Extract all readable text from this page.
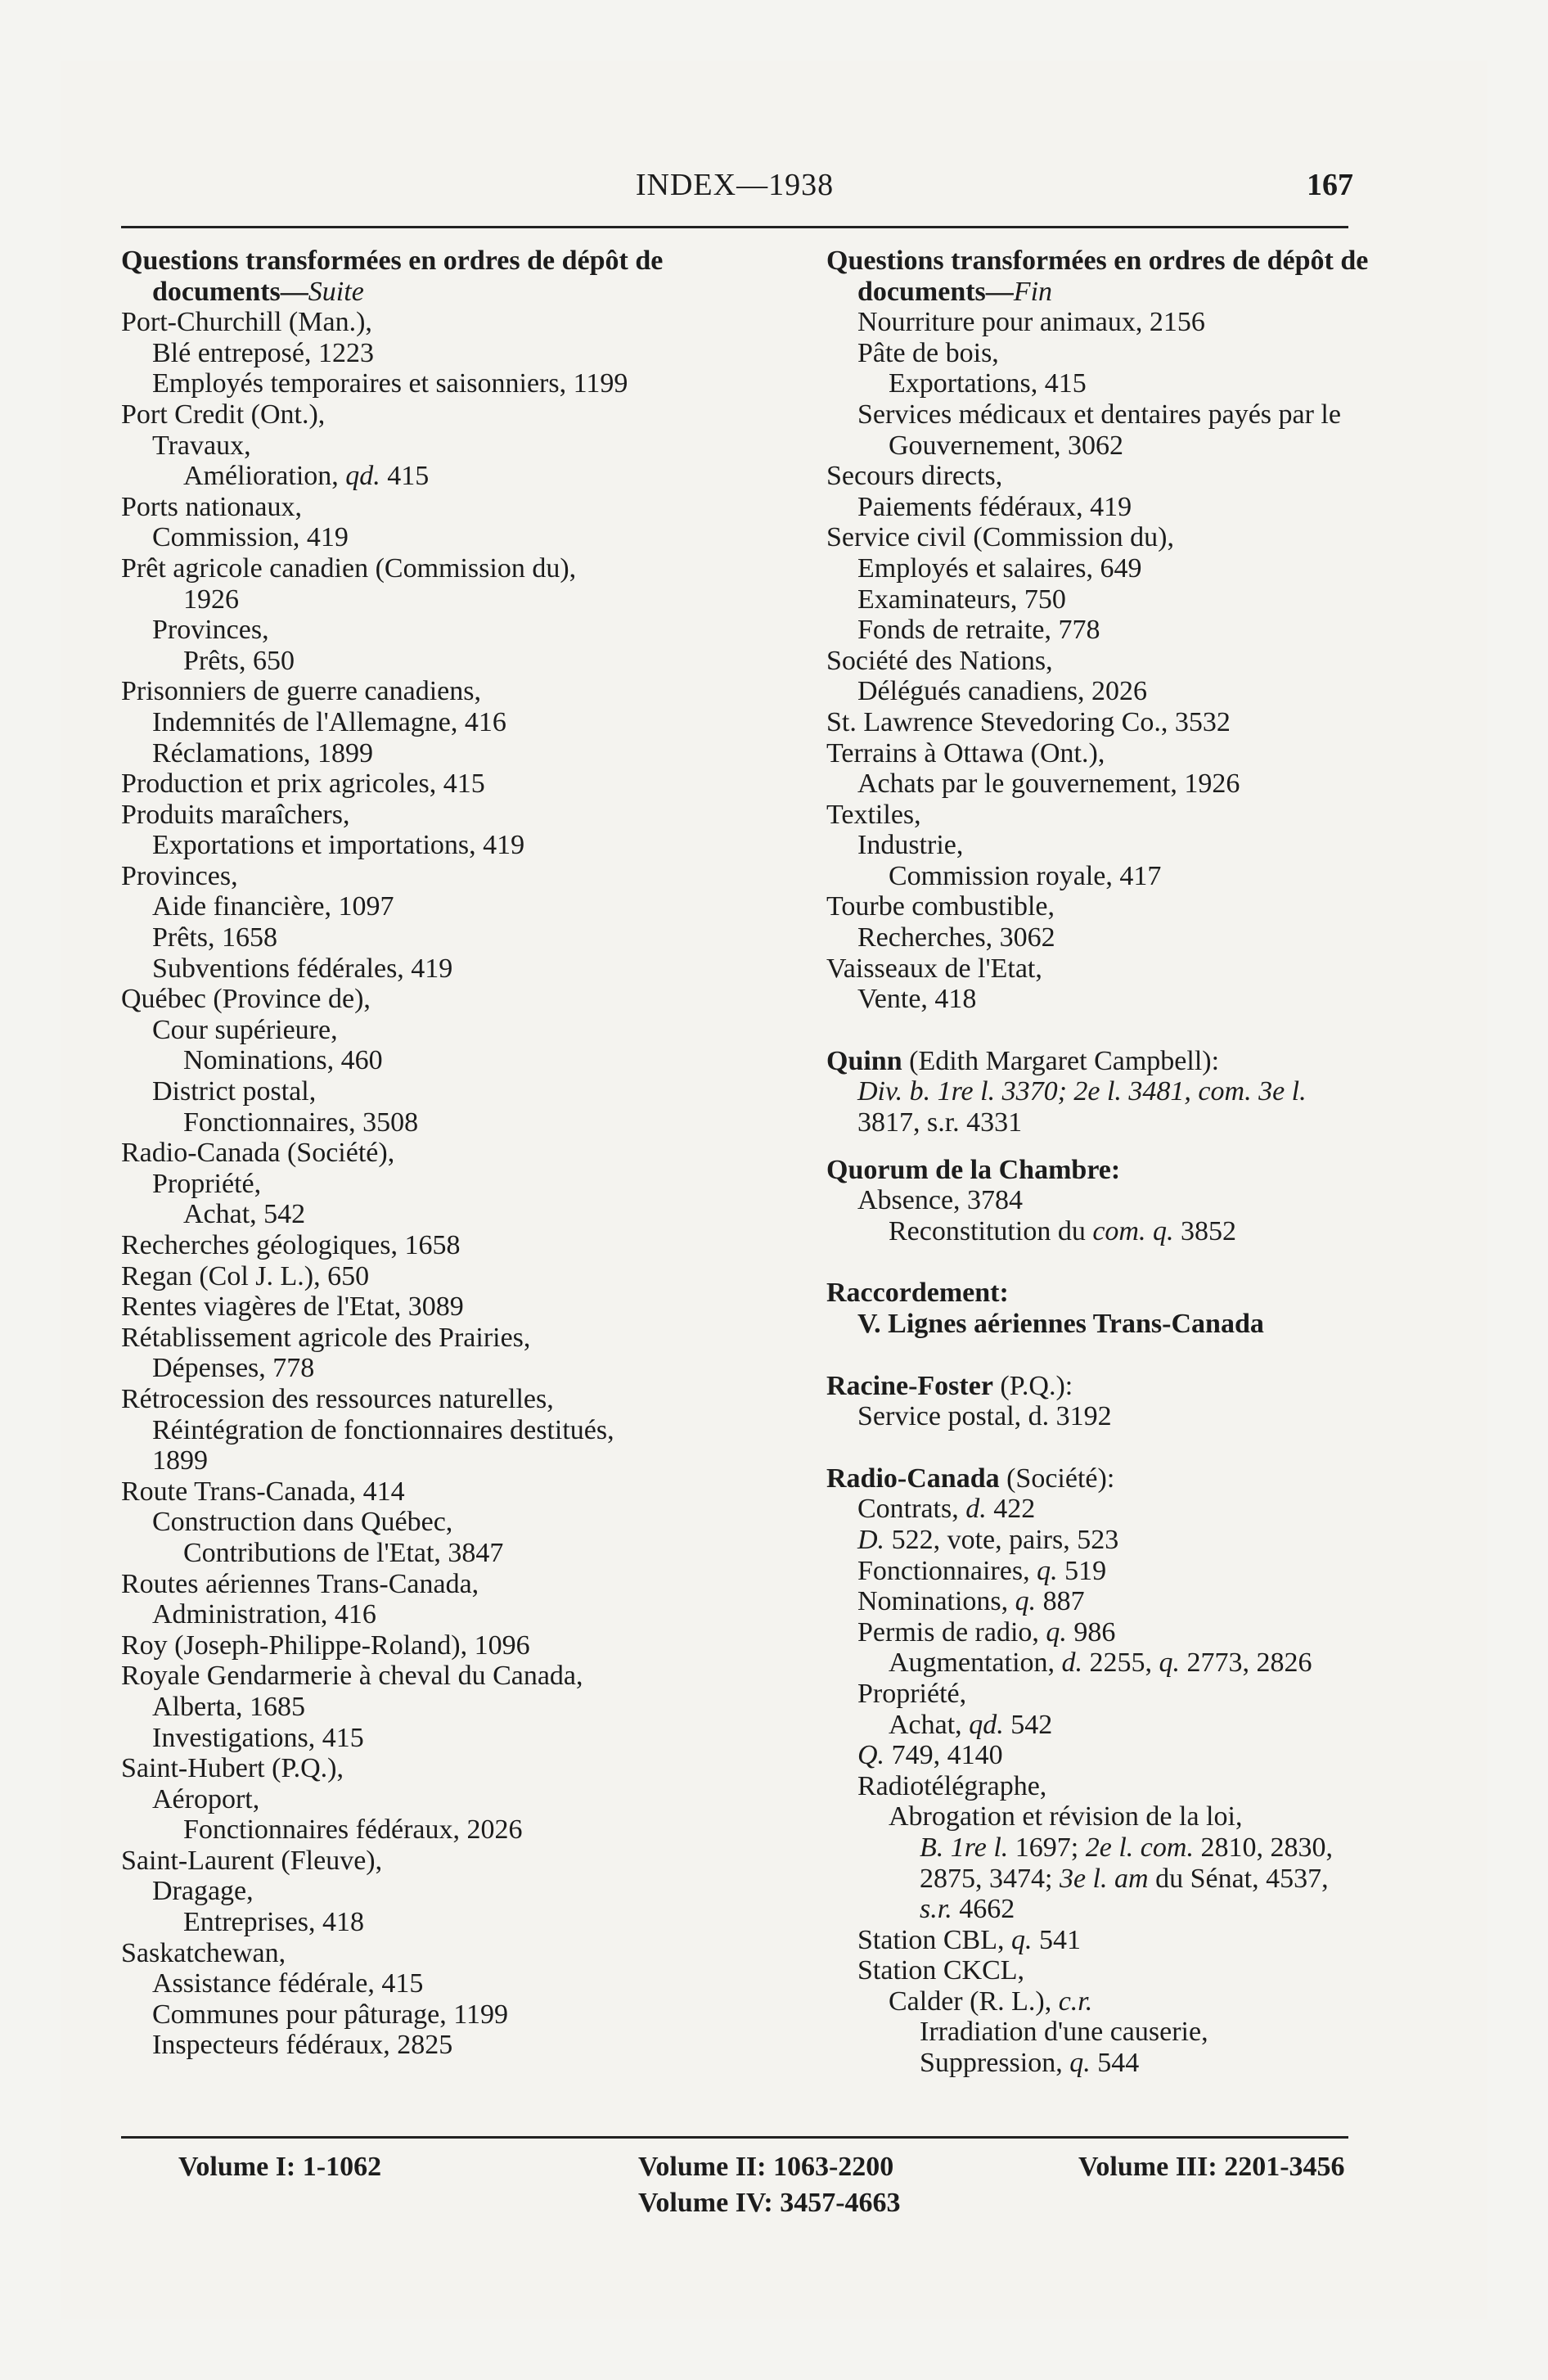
INDEX—1938	167
Questions transformées en ordres de dépôt de documents—Suite
Port-Churchill (Man.),
Blé entreposé, 1223
Employés temporaires et saisonniers, 1199
Port Credit (Ont.),
Travaux,
Amélioration, qd. 415
Ports nationaux,
Commission, 419
Prêt agricole canadien (Commission du),
1926
Provinces,
Prêts, 650
Prisonniers de guerre canadiens,
Indemnités de l'Allemagne, 416
Réclamations, 1899
Production et prix agricoles, 415
Produits maraîchers,
Exportations et importations, 419
Provinces,
Aide financière, 1097
Prêts, 1658
Subventions fédérales, 419
Québec (Province de),
Cour supérieure,
Nominations, 460
District postal,
Fonctionnaires, 3508
Radio-Canada (Société),
Propriété,
Achat, 542
Recherches géologiques, 1658
Regan (Col J. L.), 650
Rentes viagères de l'Etat, 3089
Rétablissement agricole des Prairies,
Dépenses, 778
Rétrocession des ressources naturelles,
Réintégration de fonctionnaires destitués,
1899
Route Trans-Canada, 414
Construction dans Québec,
Contributions de l'Etat, 3847
Routes aériennes Trans-Canada,
Administration, 416
Roy (Joseph-Philippe-Roland), 1096
Royale Gendarmerie à cheval du Canada,
Alberta, 1685
Investigations, 415
Saint-Hubert (P.Q.),
Aéroport,
Fonctionnaires fédéraux, 2026
Saint-Laurent (Fleuve),
Dragage,
Entreprises, 418
Saskatchewan,
Assistance fédérale, 415
Communes pour pâturage, 1199
Inspecteurs fédéraux, 2825
Questions transformées en ordres de dépôt de documents—Fin
Nourriture pour animaux, 2156
Pâte de bois,
Exportations, 415
Services médicaux et dentaires payés par le Gouvernement, 3062
Secours directs,
Paiements fédéraux, 419
Service civil (Commission du),
Employés et salaires, 649
Examinateurs, 750
Fonds de retraite, 778
Société des Nations,
Délégués canadiens, 2026
St. Lawrence Stevedoring Co., 3532
Terrains à Ottawa (Ont.),
Achats par le gouvernement, 1926
Textiles,
Industrie,
Commission royale, 417
Tourbe combustible,
Recherches, 3062
Vaisseaux de l'Etat,
Vente, 418
Quinn (Edith Margaret Campbell):
Div. b. 1re l. 3370; 2e l. 3481, com. 3e l.
3817, s.r. 4331
Quorum de la Chambre:
Absence, 3784
Reconstitution du com. q. 3852
Raccordement:
V. Lignes aériennes Trans-Canada
Racine-Foster (P.Q.):
Service postal, d. 3192
Radio-Canada (Société):
Contrats, d. 422
D. 522, vote, pairs, 523
Fonctionnaires, q. 519
Nominations, q. 887
Permis de radio, q. 986
Augmentation, d. 2255, q. 2773, 2826
Propriété,
Achat, qd. 542
Q. 749, 4140
Radiotélégraphe,
Abrogation et révision de la loi,
B. 1re l. 1697; 2e l. com. 2810, 2830,
2875, 3474; 3e l. am du Sénat, 4537,
s.r. 4662
Station CBL, q. 541
Station CKCL,
Calder (R. L.), c.r.
Irradiation d'une causerie,
Suppression, q. 544
Volume I: 1-1062	Volume II: 1063-2200	Volume III: 2201-3456
Volume IV: 3457-4663
